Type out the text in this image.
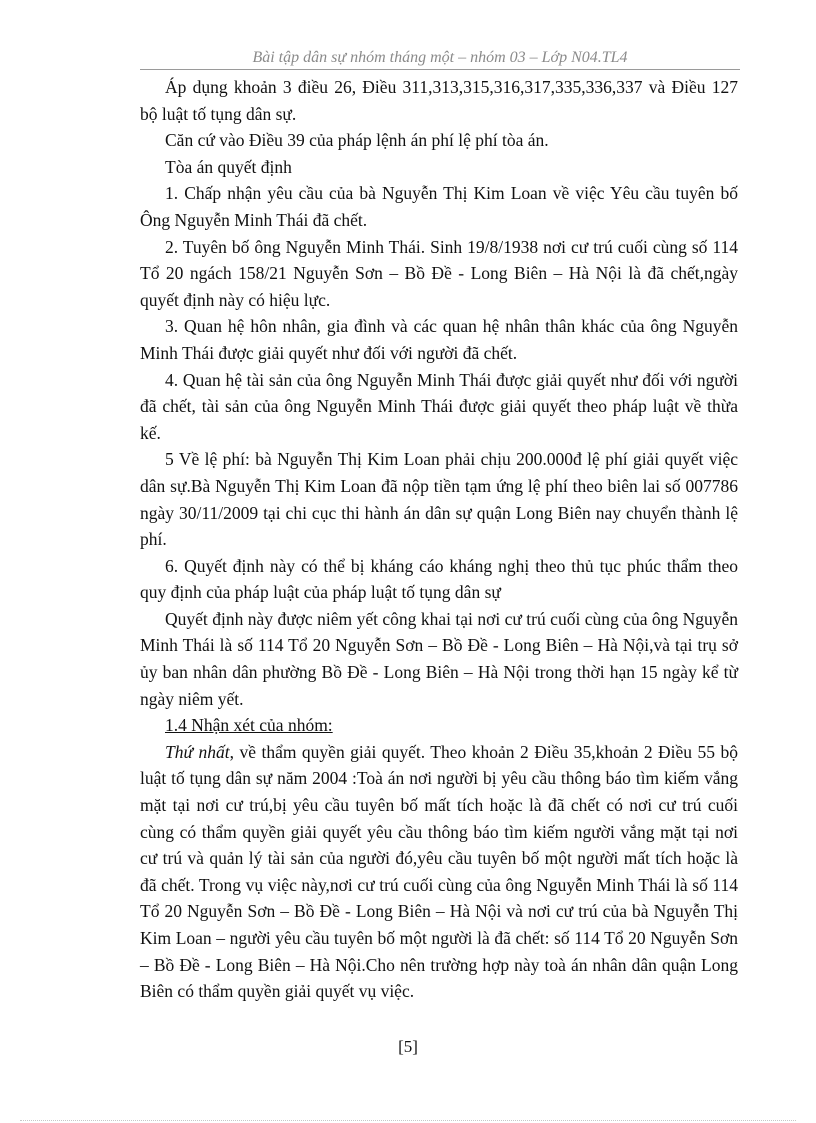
Bài tập dân sự nhóm tháng một – nhóm 03 – Lớp N04.TL4

Áp dụng khoản 3 điều 26, Điều 311,313,315,316,317,335,336,337 và Điều 127 bộ luật tố tụng dân sự.

Căn cứ vào Điều 39 của pháp lệnh án phí lệ phí tòa án.

Tòa án quyết định

1. Chấp nhận yêu cầu của bà Nguyễn Thị Kim Loan về việc Yêu cầu tuyên bố Ông Nguyễn Minh Thái đã chết.

2. Tuyên bố ông Nguyễn Minh Thái. Sinh 19/8/1938 nơi cư trú cuối cùng số 114 Tổ 20 ngách 158/21 Nguyễn Sơn – Bồ Đề - Long Biên – Hà Nội là đã chết,ngày quyết định này có hiệu lực.

3. Quan hệ hôn nhân, gia đình và các quan hệ nhân thân khác của ông Nguyễn Minh Thái được giải quyết như đối với người đã chết.

4. Quan hệ tài sản của ông Nguyễn Minh Thái được giải quyết như đối với người đã chết, tài sản của ông Nguyễn Minh Thái được giải quyết theo pháp luật về thừa kế.

5 Về lệ phí: bà Nguyễn Thị Kim Loan phải chịu 200.000đ lệ phí giải quyết việc dân sự.Bà Nguyễn Thị Kim Loan đã nộp tiền tạm ứng lệ phí theo biên lai số 007786 ngày 30/11/2009 tại chi cục thi hành án dân sự quận Long Biên nay chuyển thành lệ phí.

6. Quyết định này có thể bị kháng cáo kháng nghị theo thủ tục phúc thẩm theo quy định của pháp luật của pháp luật tố tụng dân sự

Quyết định này được niêm yết công khai tại nơi cư trú cuối cùng của ông Nguyễn Minh Thái là số 114 Tổ 20 Nguyễn Sơn – Bồ Đề - Long Biên – Hà Nội,và tại trụ sở ủy ban nhân dân phường Bồ Đề - Long Biên – Hà Nội trong thời hạn 15 ngày kể từ ngày niêm yết.

1.4 Nhận xét của nhóm:

Thứ nhất, về thẩm quyền giải quyết. Theo khoản 2 Điều 35,khoản 2 Điều 55 bộ luật tố tụng dân sự năm 2004 :Toà án nơi người bị yêu cầu thông báo tìm kiếm vắng mặt tại nơi cư trú,bị yêu cầu tuyên bố mất tích hoặc là đã chết có nơi cư trú cuối cùng có thẩm quyền giải quyết yêu cầu thông báo tìm kiếm người vắng mặt tại nơi cư trú và quản lý tài sản của người đó,yêu cầu tuyên bố một người mất tích hoặc là đã chết. Trong vụ việc này,nơi cư trú cuối cùng của ông Nguyễn Minh Thái là số 114 Tổ 20 Nguyễn Sơn – Bồ Đề - Long Biên – Hà Nội và nơi cư trú của bà Nguyễn Thị Kim Loan – người yêu cầu tuyên bố một người là đã chết: số 114 Tổ 20 Nguyễn Sơn – Bồ Đề - Long Biên – Hà Nội.Cho nên trường hợp này toà án nhân dân quận Long Biên có thẩm quyền giải quyết vụ việc.

[5]
